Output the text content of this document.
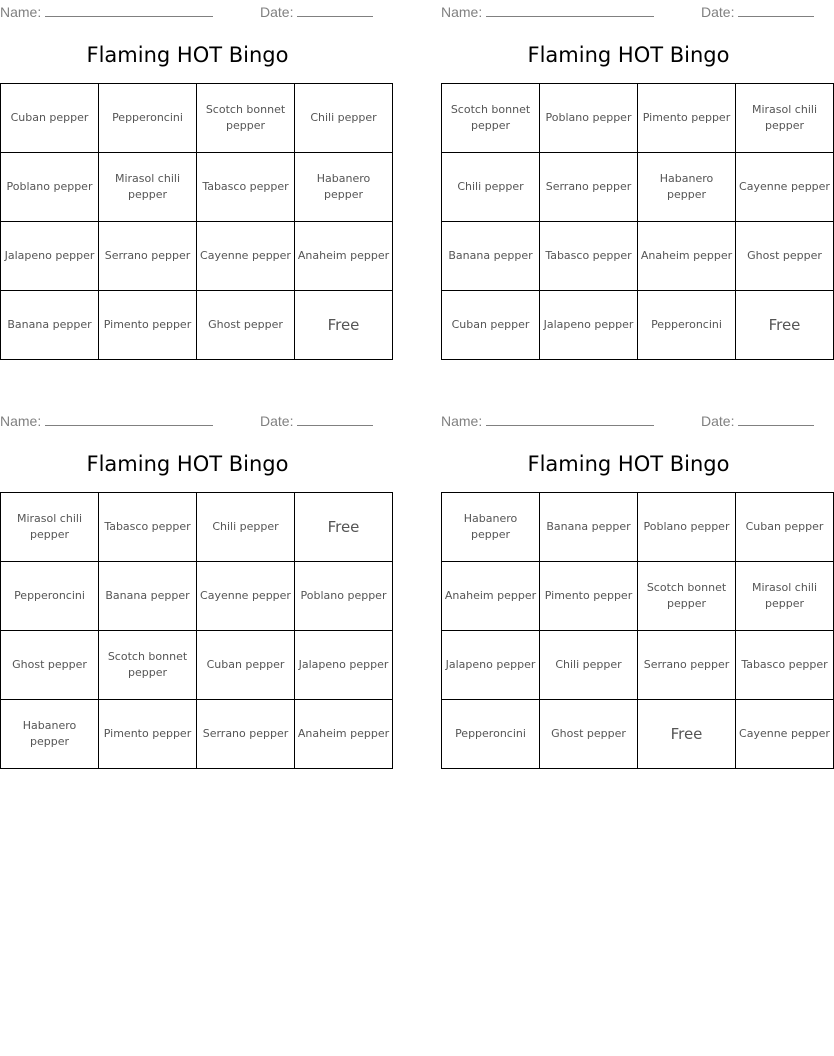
Name:	Date:
Flaming HOT Bingo
Cuban pepper	Pepperoncini	Scotch bonnet pepper	Chili pepper
Poblano pepper	Mirasol chili pepper	Tabasco pepper	Habanero pepper
Jalapeno pepper	Serrano pepper	Cayenne pepper	Anaheim pepper
Banana pepper	Pimento pepper	Ghost pepper	Free
Name:	Date:
Flaming HOT Bingo
Scotch bonnet pepper	Poblano pepper	Pimento pepper	Mirasol chili pepper
Chili pepper	Serrano pepper	Habanero pepper	Cayenne pepper
Banana pepper	Tabasco pepper	Anaheim pepper	Ghost pepper
Cuban pepper	Jalapeno pepper	Pepperoncini	Free
Name:	Date:
Flaming HOT Bingo
Mirasol chili pepper	Tabasco pepper	Chili pepper	Free
Pepperoncini	Banana pepper	Cayenne pepper	Poblano pepper
Ghost pepper	Scotch bonnet pepper	Cuban pepper	Jalapeno pepper
Habanero pepper	Pimento pepper	Serrano pepper	Anaheim pepper
Name:	Date:
Flaming HOT Bingo
Habanero pepper	Banana pepper	Poblano pepper	Cuban pepper
Anaheim pepper	Pimento pepper	Scotch bonnet pepper	Mirasol chili pepper
Jalapeno pepper	Chili pepper	Serrano pepper	Tabasco pepper
Pepperoncini	Ghost pepper	Free	Cayenne pepper
